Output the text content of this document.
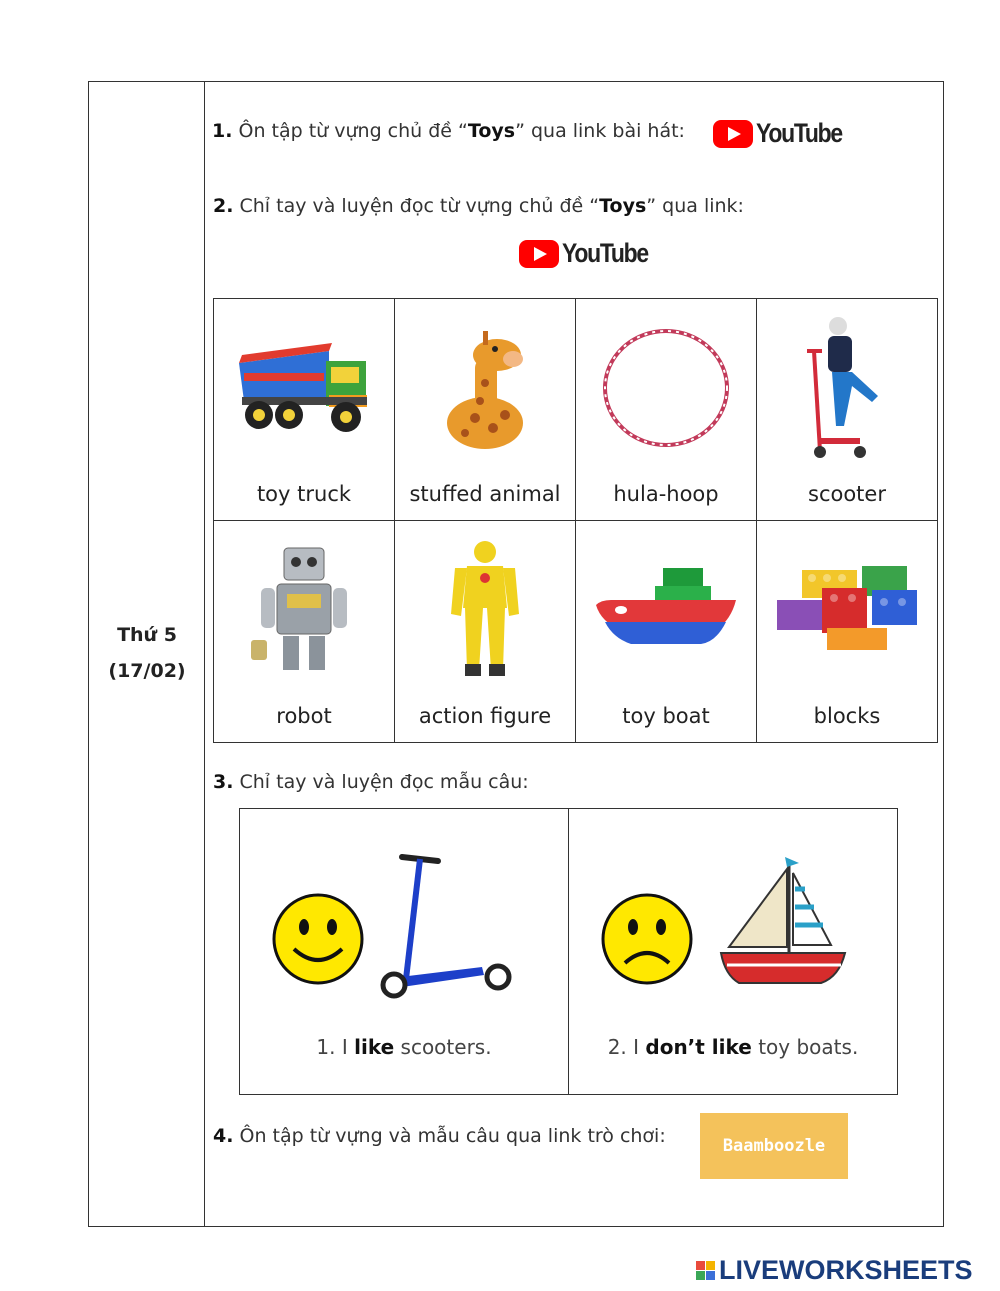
Thứ 5
(17/02)
1. Ôn tập từ vựng chủ đề “Toys” qua link bài hát:	YouTube
2. Chỉ tay và luyện đọc từ vựng chủ đề “Toys” qua link:
YouTube
toy truck	stuffed animal	hula-hoop	scooter

robot	action figure	toy boat	blocks
3. Chỉ tay và luyện đọc mẫu câu:
1. I like scooters.	2. I don’t like toy boats.
4. Ôn tập từ vựng và mẫu câu qua link trò chơi:	Baamboozle
LIVEWORKSHEETS
